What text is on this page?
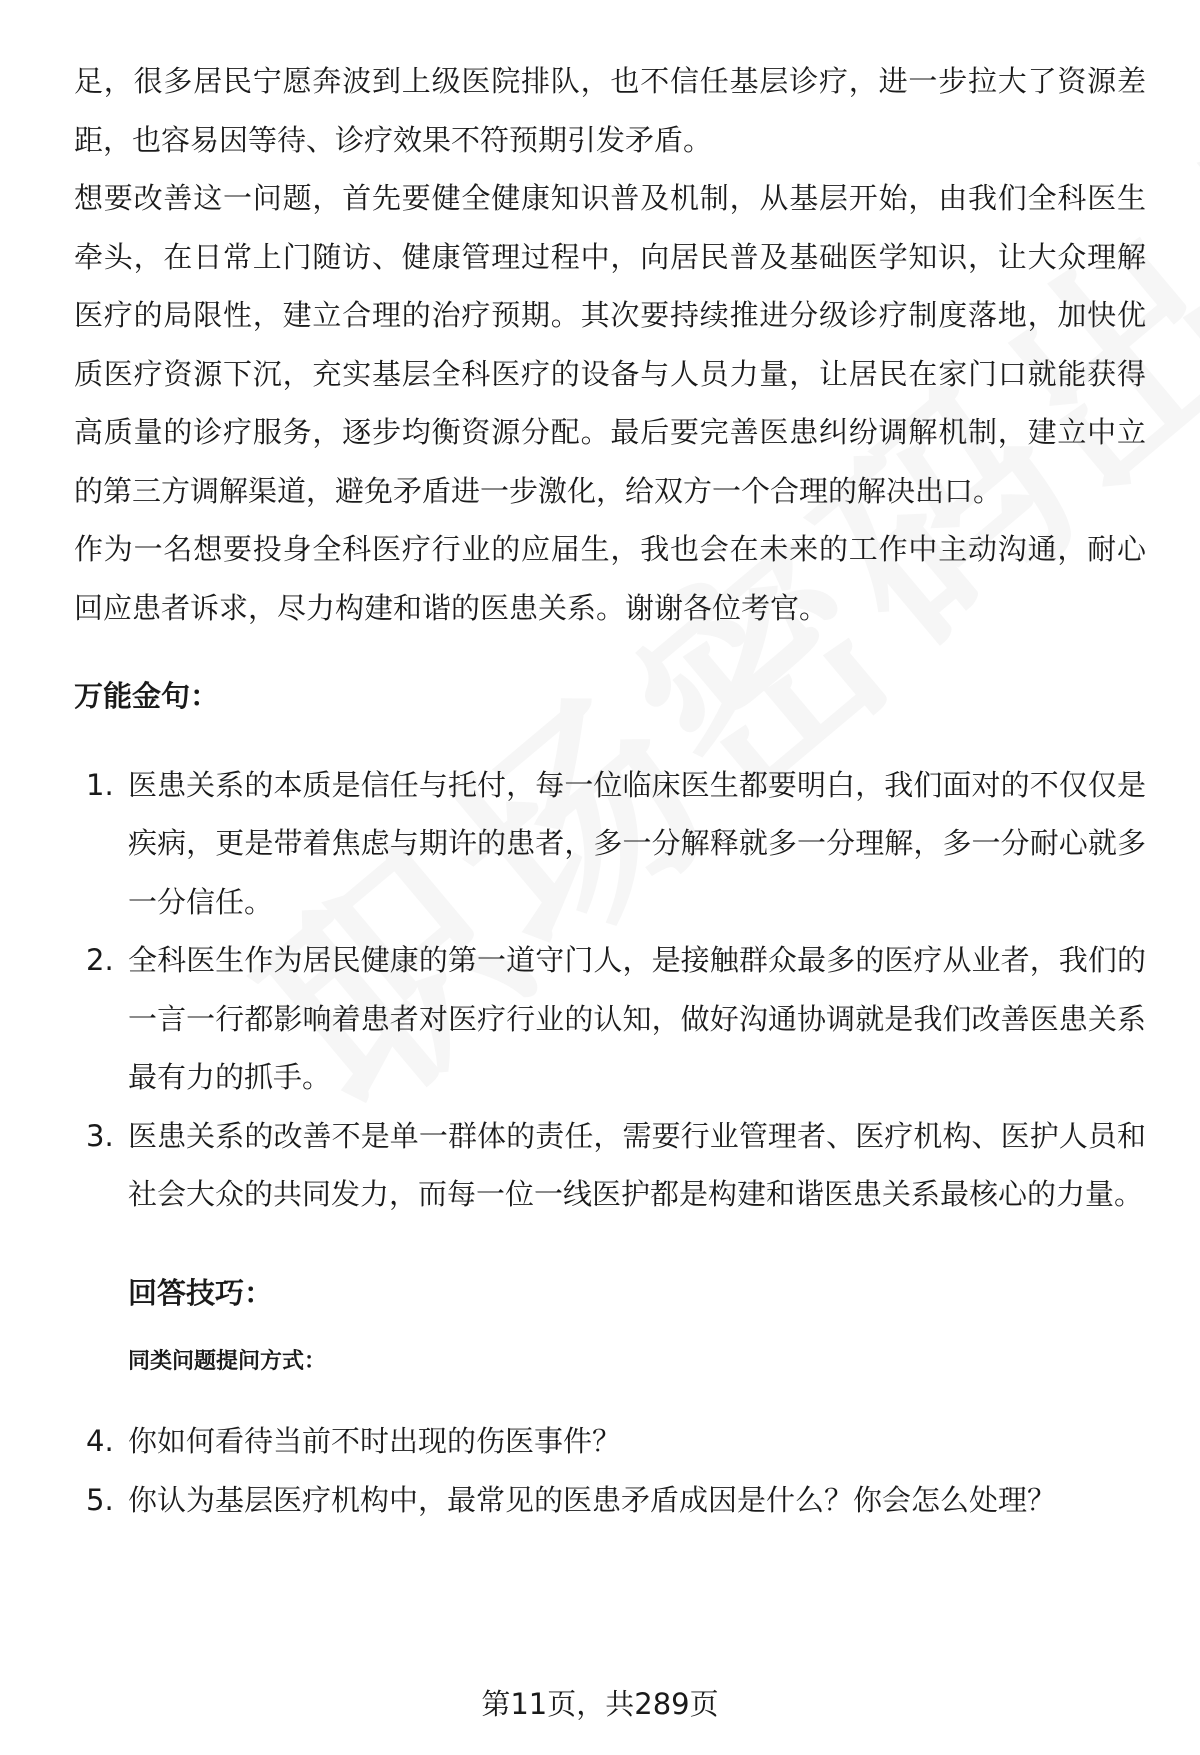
足，很多居民宁愿奔波到上级医院排队，也不信任基层诊疗，进一步拉大了资源差距，也容易因等待、诊疗效果不符预期引发矛盾。

想要改善这一问题，首先要健全健康知识普及机制，从基层开始，由我们全科医生牵头，在日常上门随访、健康管理过程中，向居民普及基础医学知识，让大众理解医疗的局限性，建立合理的治疗预期。其次要持续推进分级诊疗制度落地，加快优质医疗资源下沉，充实基层全科医疗的设备与人员力量，让居民在家门口就能获得高质量的诊疗服务，逐步均衡资源分配。最后要完善医患纠纷调解机制，建立中立的第三方调解渠道，避免矛盾进一步激化，给双方一个合理的解决出口。

作为一名想要投身全科医疗行业的应届生，我也会在未来的工作中主动沟通，耐心回应患者诉求，尽力构建和谐的医患关系。谢谢各位考官。

万能金句：

1. 医患关系的本质是信任与托付，每一位临床医生都要明白，我们面对的不仅仅是疾病，更是带着焦虑与期许的患者，多一分解释就多一分理解，多一分耐心就多一分信任。
2. 全科医生作为居民健康的第一道守门人，是接触群众最多的医疗从业者，我们的一言一行都影响着患者对医疗行业的认知，做好沟通协调就是我们改善医患关系最有力的抓手。
3. 医患关系的改善不是单一群体的责任，需要行业管理者、医疗机构、医护人员和社会大众的共同发力，而每一位一线医护都是构建和谐医患关系最核心的力量。

回答技巧：

同类问题提问方式：

4. 你如何看待当前不时出现的伤医事件？
5. 你认为基层医疗机构中，最常见的医患矛盾成因是什么？你会怎么处理？
第11页，共289页
